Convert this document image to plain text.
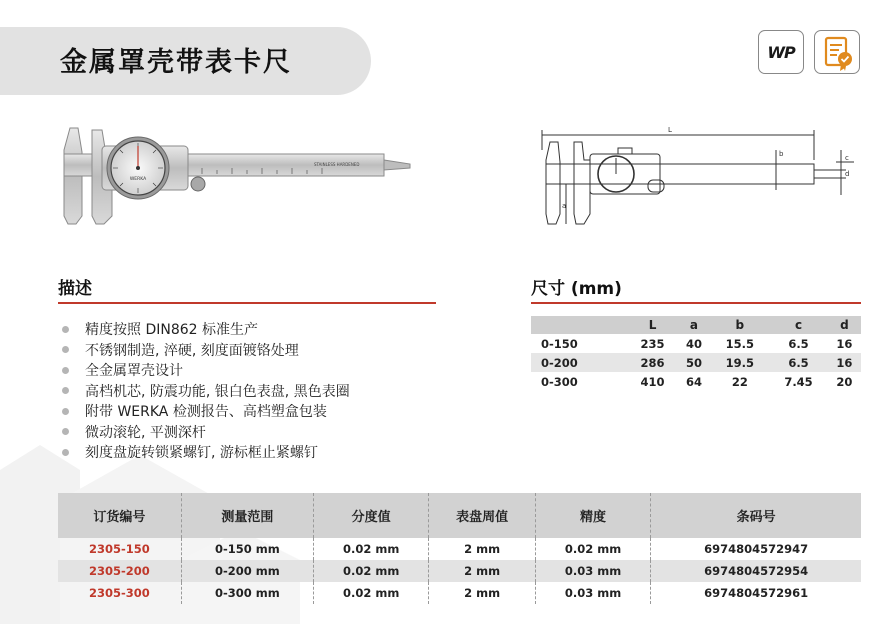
金属罩壳带表卡尺	WP
STAINLESS HARDENED
WERKA
L
a
b	c
d
描述
精度按照 DIN862 标准生产
不锈钢制造, 淬硬, 刻度面镀铬处理
全金属罩壳设计
高档机芯, 防震功能, 银白色表盘, 黑色表圈
附带 WERKA 检测报告、高档塑盒包装
微动滚轮, 平测深杆
刻度盘旋转锁紧螺钉, 游标框止紧螺钉
尺寸 (mm)
	L	a	b	c	d
0-150	235	40	15.5	6.5	16
0-200	286	50	19.5	6.5	16
0-300	410	64	22	7.45	20
订货编号	测量范围	分度值	表盘周值	精度	条码号
2305-150	0-150 mm	0.02 mm	2 mm	0.02 mm	6974804572947
2305-200	0-200 mm	0.02 mm	2 mm	0.03 mm	6974804572954
2305-300	0-300 mm	0.02 mm	2 mm	0.03 mm	6974804572961
